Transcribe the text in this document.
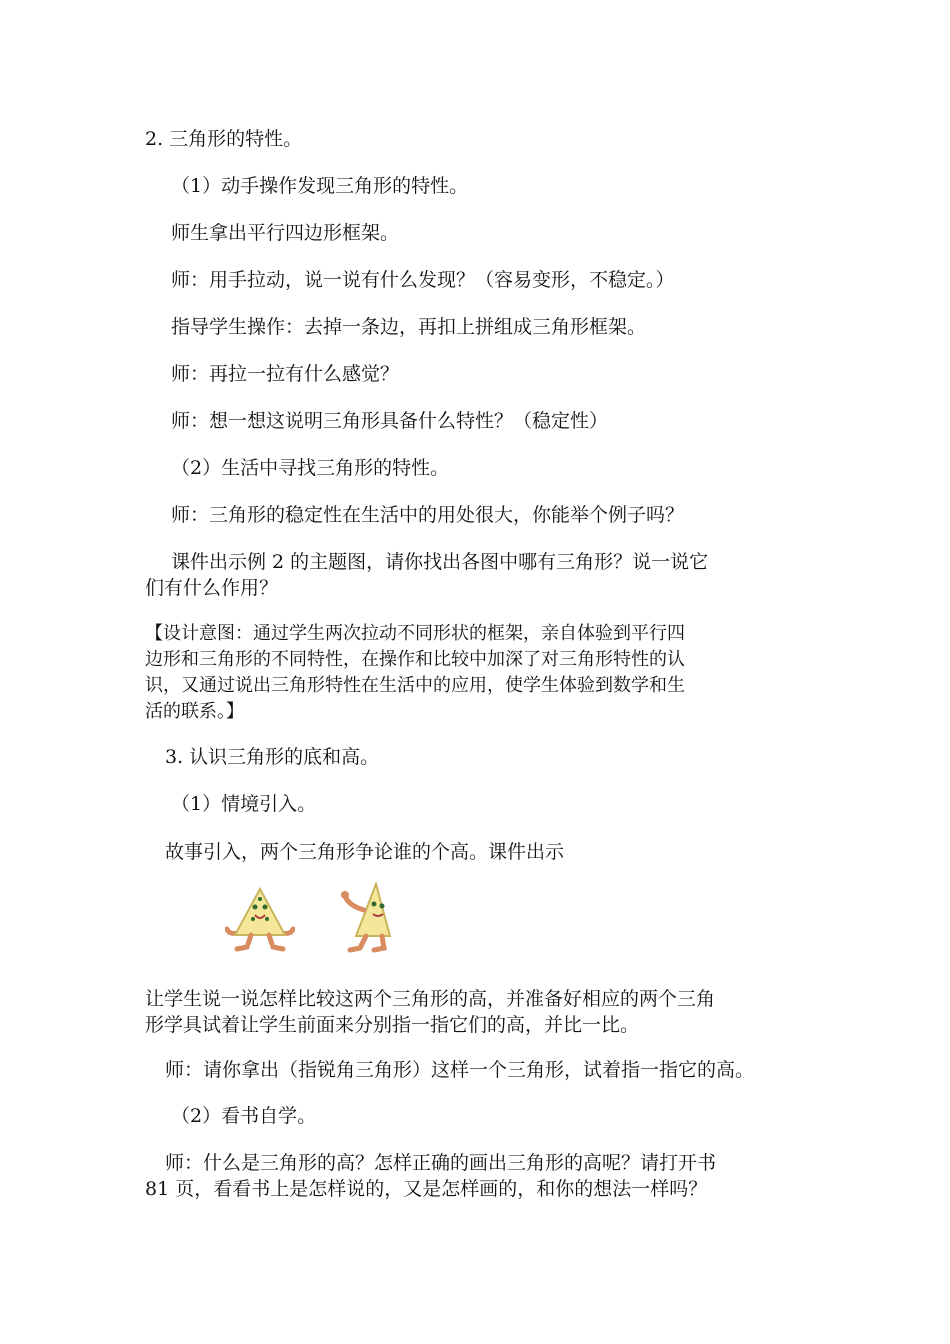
2. 三角形的特性。
（1）动手操作发现三角形的特性。
师生拿出平行四边形框架。
师：用手拉动，说一说有什么发现？（容易变形，不稳定。）
指导学生操作：去掉一条边，再扣上拼组成三角形框架。
师：再拉一拉有什么感觉？
师：想一想这说明三角形具备什么特性？（稳定性）
（2）生活中寻找三角形的特性。
师：三角形的稳定性在生活中的用处很大，你能举个例子吗？
课件出示例 2 的主题图，请你找出各图中哪有三角形？说一说它
们有什么作用？
【设计意图：通过学生两次拉动不同形状的框架，亲自体验到平行四
边形和三角形的不同特性，在操作和比较中加深了对三角形特性的认
识，又通过说出三角形特性在生活中的应用，使学生体验到数学和生
活的联系。】
3. 认识三角形的底和高。
（1）情境引入。
故事引入，两个三角形争论谁的个高。课件出示
让学生说一说怎样比较这两个三角形的高，并准备好相应的两个三角
形学具试着让学生前面来分别指一指它们的高，并比一比。
师：请你拿出（指锐角三角形）这样一个三角形，试着指一指它的高。
（2）看书自学。
师：什么是三角形的高？怎样正确的画出三角形的高呢？请打开书
81 页，看看书上是怎样说的，又是怎样画的，和你的想法一样吗？
